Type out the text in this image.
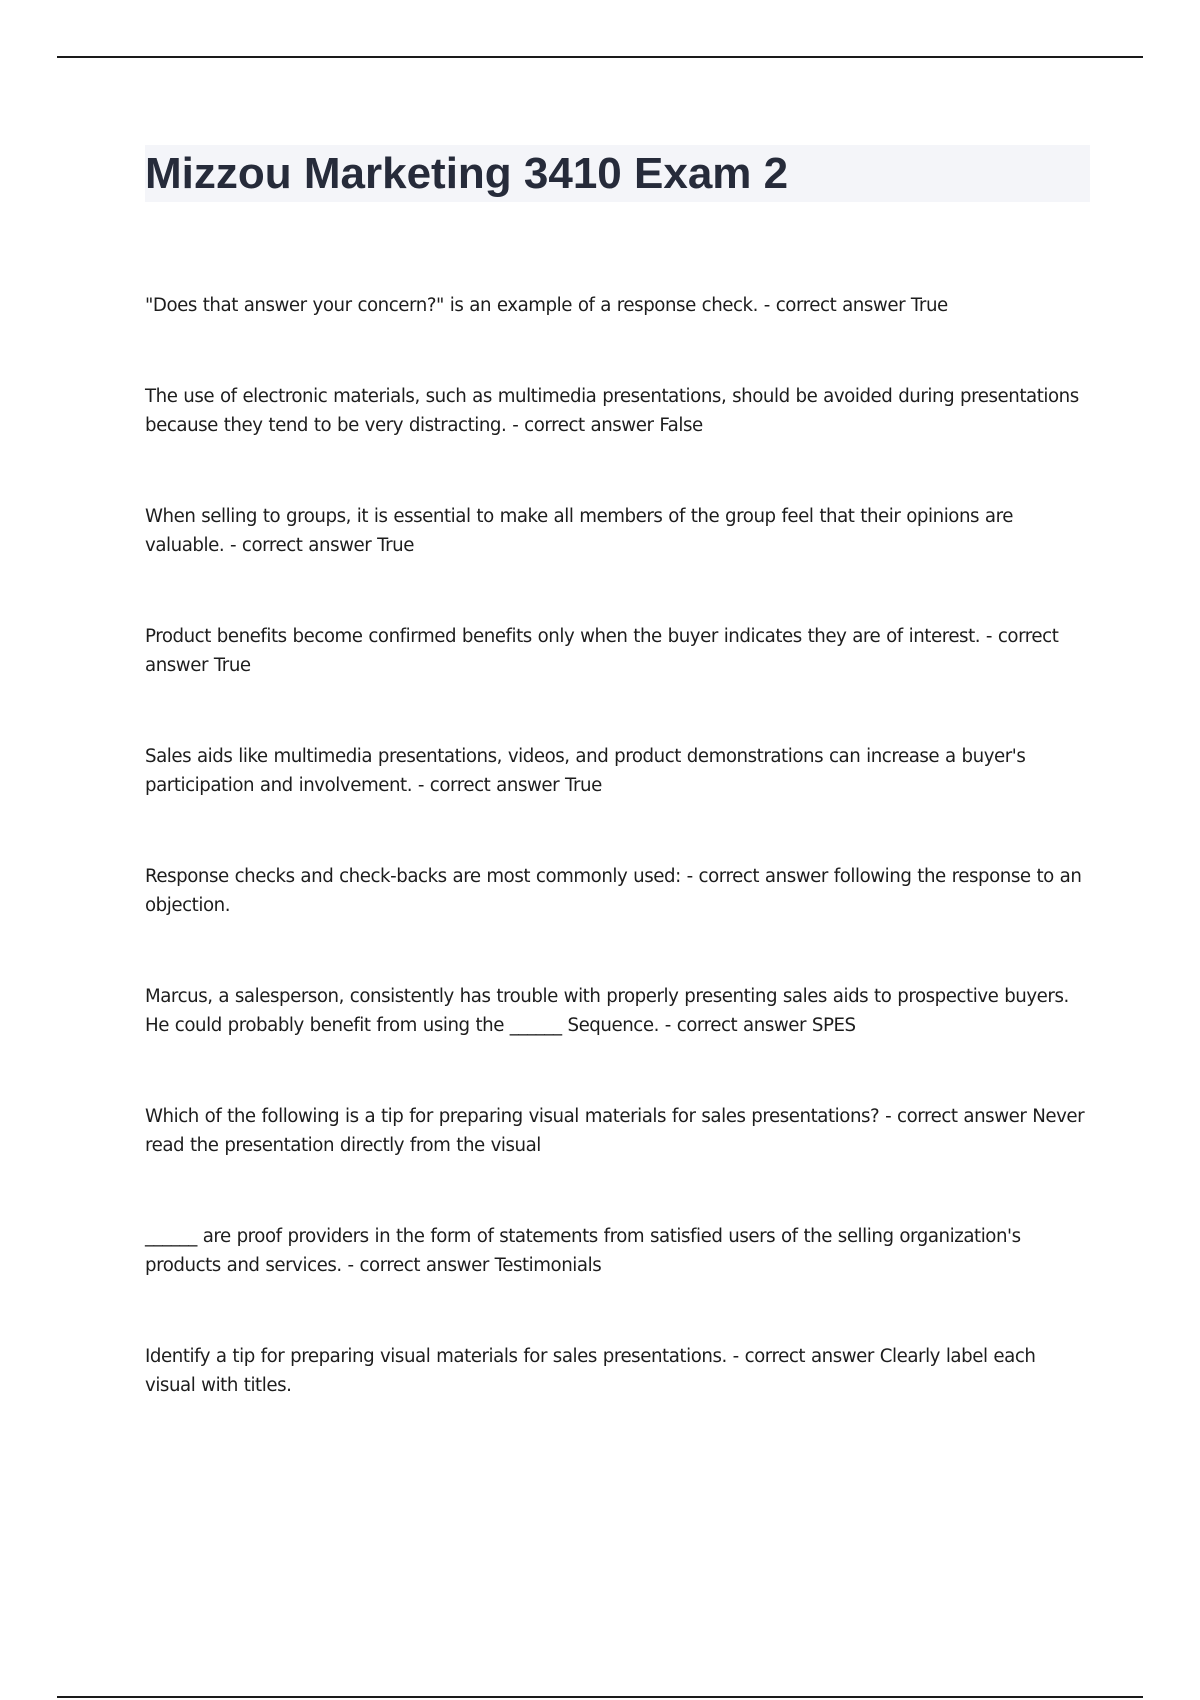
Mizzou Marketing 3410 Exam 2
"Does that answer your concern?" is an example of a response check. - correct answer True
The use of electronic materials, such as multimedia presentations, should be avoided during presentations because they tend to be very distracting. - correct answer False
When selling to groups, it is essential to make all members of the group feel that their opinions are valuable. - correct answer True
Product benefits become confirmed benefits only when the buyer indicates they are of interest. - correct answer True
Sales aids like multimedia presentations, videos, and product demonstrations can increase a buyer's participation and involvement. - correct answer True
Response checks and check-backs are most commonly used: - correct answer following the response to an objection.
Marcus, a salesperson, consistently has trouble with properly presenting sales aids to prospective buyers. He could probably benefit from using the ______ Sequence. - correct answer SPES
Which of the following is a tip for preparing visual materials for sales presentations? - correct answer Never read the presentation directly from the visual
______ are proof providers in the form of statements from satisfied users of the selling organization's products and services. - correct answer Testimonials
Identify a tip for preparing visual materials for sales presentations. - correct answer Clearly label each visual with titles.
